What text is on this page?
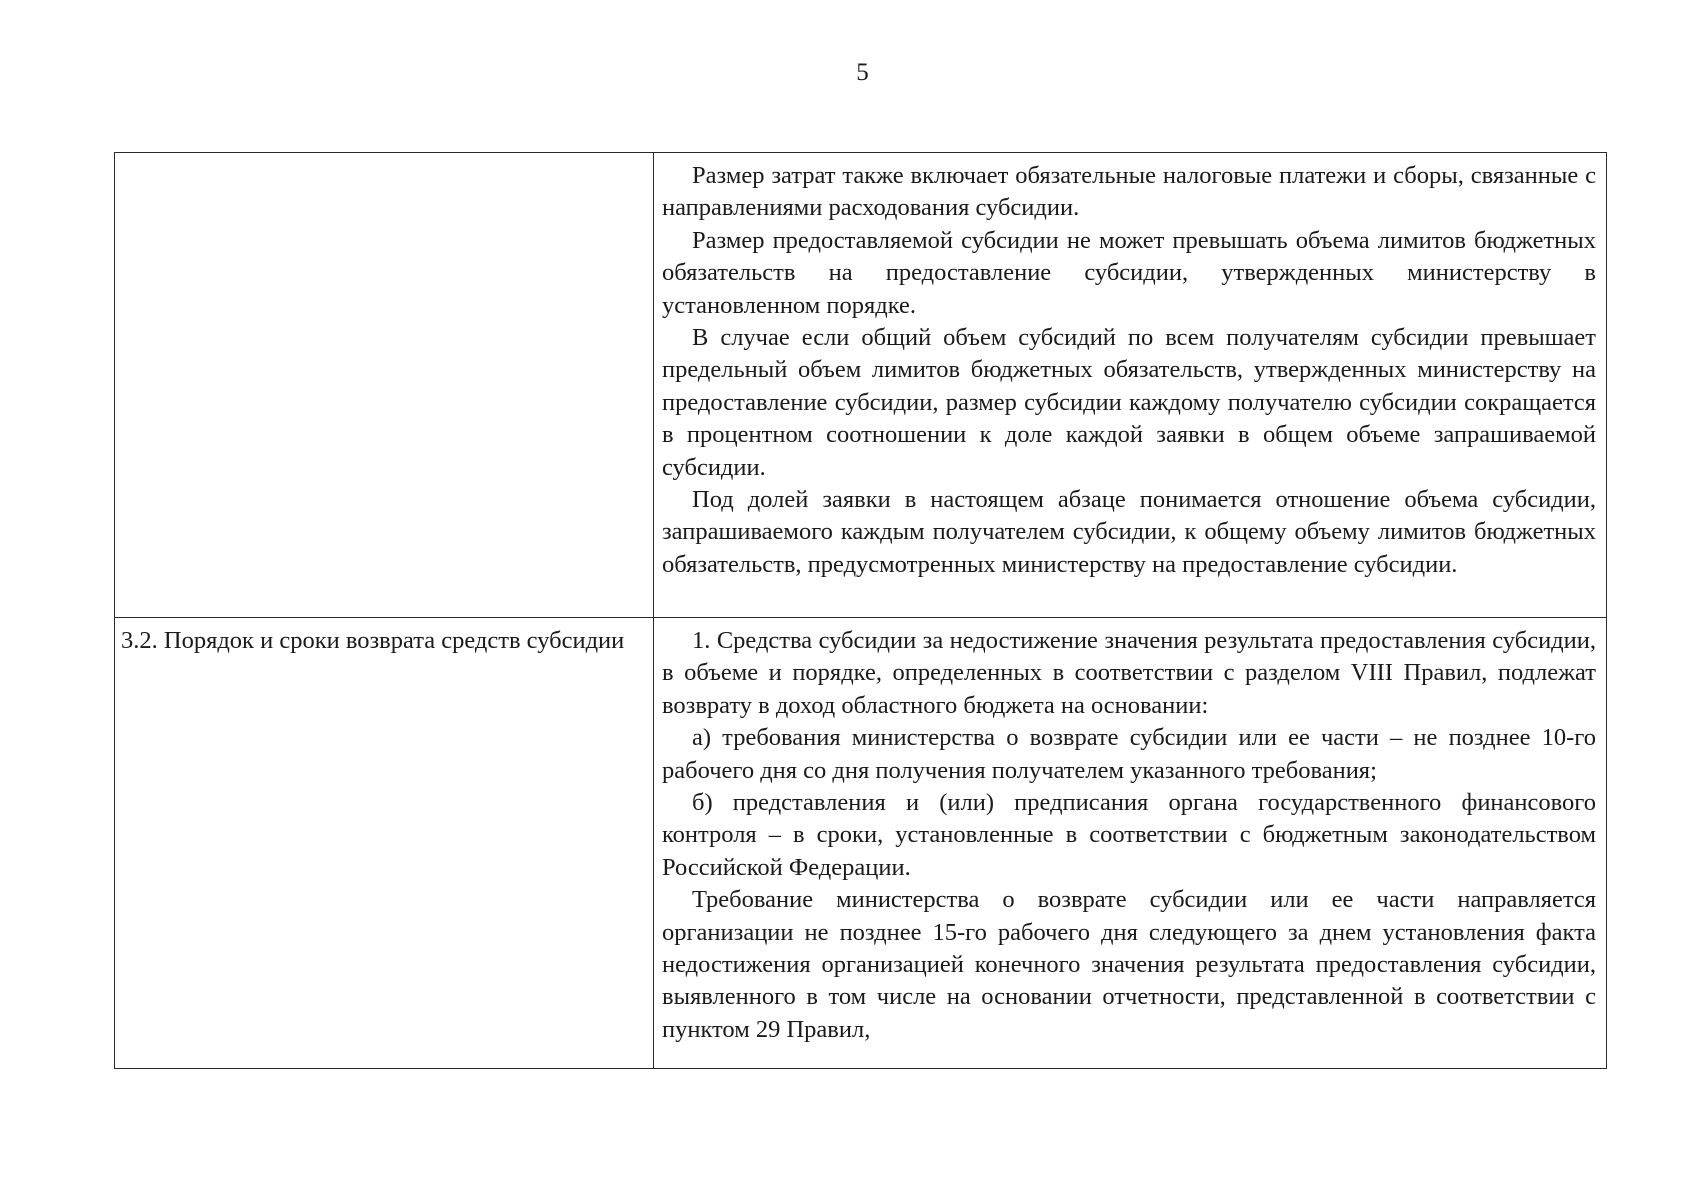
5

	Размер затрат также включает обязательные налоговые платежи и сборы, связанные с направлениями расходования субсидии.

Размер предоставляемой субсидии не может превышать объема лимитов бюджетных обязательств на предоставление субсидии, утвержденных министерству в установленном порядке.

В случае если общий объем субсидий по всем получателям субсидии превышает предельный объем лимитов бюджетных обязательств, утвержденных министерству на предоставление субсидии, размер субсидии каждому получателю субсидии сокращается в процентном соотношении к доле каждой заявки в общем объеме запрашиваемой субсидии.

Под долей заявки в настоящем абзаце понимается отношение объема субсидии, запрашиваемого каждым получателем субсидии, к общему объему лимитов бюджетных обязательств, предусмотренных министерству на предоставление субсидии.

3.2. Порядок и сроки возврата средств субсидии	1. Средства субсидии за недостижение значения результата предоставления субсидии, в объеме и порядке, определенных в соответствии с разделом VIII Правил, подлежат возврату в доход областного бюджета на основании:

а) требования министерства о возврате субсидии или ее части – не позднее 10-го рабочего дня со дня получения получателем указанного требования;

б) представления и (или) предписания органа государственного финансового контроля – в сроки, установленные в соответствии с бюджетным законодательством Российской Федерации.

Требование министерства о возврате субсидии или ее части направляется организации не позднее 15-го рабочего дня следующего за днем установления факта недостижения организацией конечного значения результата предоставления субсидии, выявленного в том числе на основании отчетности, представленной в соответствии с пунктом 29 Правил,
